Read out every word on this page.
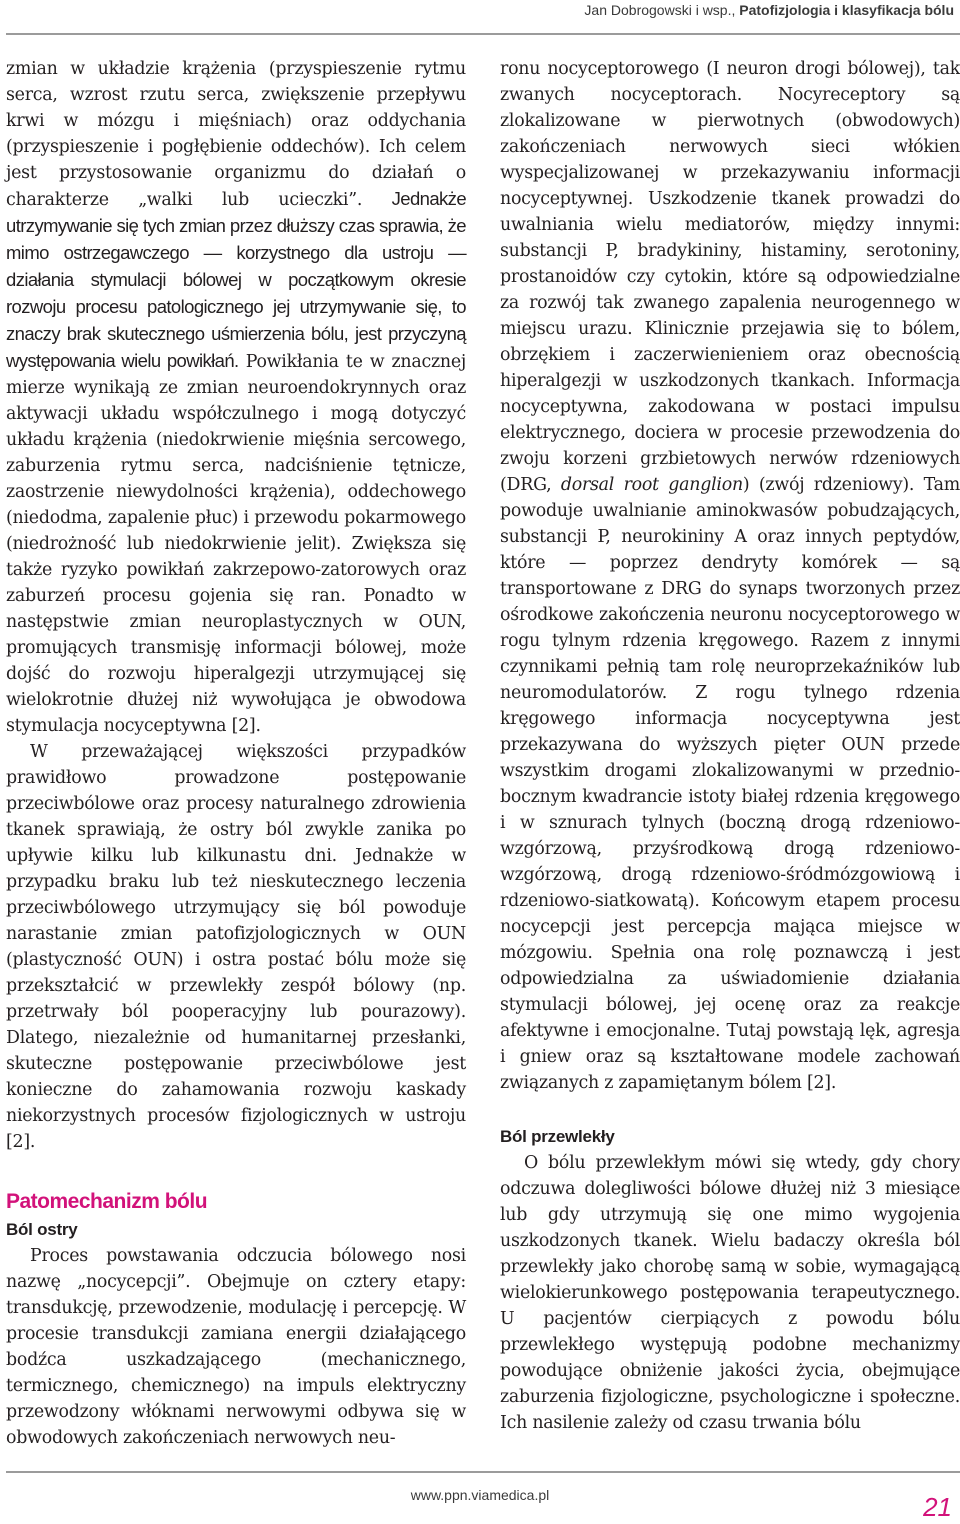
Jan Dobrogowski i wsp., Patofizjologia i klasyfikacja bólu

zmian w układzie krążenia (przyspieszenie rytmu serca, wzrost rzutu serca, zwiększenie przepływu krwi w mózgu i mięśniach) oraz oddychania (przyspieszenie i pogłębienie oddechów). Ich celem jest przystosowanie organizmu do działań o charakterze „walki lub ucieczki”. Jednakże utrzymywanie się tych zmian przez dłuższy czas sprawia, że mimo ostrzegawczego — korzystnego dla ustroju — działania stymulacji bólowej w początkowym okresie rozwoju procesu patologicznego jej utrzymywanie się, to znaczy brak skutecznego uśmierzenia bólu, jest przyczyną występowania wielu powikłań. Powikłania te w znacznej mierze wynikają ze zmian neuroendokrynnych oraz aktywacji układu współczulnego i mogą dotyczyć układu krążenia (niedokrwienie mięśnia sercowego, zaburzenia rytmu serca, nadciśnienie tętnicze, zaostrzenie niewydolności krążenia), oddechowego (niedodma, zapalenie płuc) i przewodu pokarmowego (niedrożność lub niedokrwienie jelit). Zwiększa się także ryzyko powikłań zakrzepowo-zatorowych oraz zaburzeń procesu gojenia się ran. Ponadto w następstwie zmian neuroplastycznych w OUN, promujących transmisję informacji bólowej, może dojść do rozwoju hiperalgezji utrzymującej się wielokrotnie dłużej niż wywołująca je obwodowa stymulacja nocyceptywna [2].

W przeważającej większości przypadków prawidłowo prowadzone postępowanie przeciwbólowe oraz procesy naturalnego zdrowienia tkanek sprawiają, że ostry ból zwykle zanika po upływie kilku lub kilkunastu dni. Jednakże w przypadku braku lub też nieskutecznego leczenia przeciwbólowego utrzymujący się ból powoduje narastanie zmian patofizjologicznych w OUN (plastyczność OUN) i ostra postać bólu może się przekształcić w przewlekły zespół bólowy (np. przetrwały ból pooperacyjny lub pourazowy). Dlatego, niezależnie od humanitarnej przesłanki, skuteczne postępowanie przeciwbólowe jest konieczne do zahamowania rozwoju kaskady niekorzystnych procesów fizjologicznych w ustroju [2].

Patomechanizm bólu
Ból ostry

Proces powstawania odczucia bólowego nosi nazwę „nocycepcji”. Obejmuje on cztery etapy: transdukcję, przewodzenie, modulację i percepcję. W procesie transdukcji zamiana energii działającego bodźca uszkadzającego (mechanicznego, termicznego, chemicznego) na impuls elektryczny przewodzony włóknami nerwowymi odbywa się w obwodowych zakończeniach nerwowych neu-

ronu nocyceptorowego (I neuron drogi bólowej), tak zwanych nocyceptorach. Nocyreceptory są zlokalizowane w pierwotnych (obwodowych) zakończeniach nerwowych sieci włókien wyspecjalizowanej w przekazywaniu informacji nocyceptywnej. Uszkodzenie tkanek prowadzi do uwalniania wielu mediatorów, między innymi: substancji P, bradykininy, histaminy, serotoniny, prostanoidów czy cytokin, które są odpowiedzialne za rozwój tak zwanego zapalenia neurogennego w miejscu urazu. Klinicznie przejawia się to bólem, obrzękiem i zaczerwienieniem oraz obecnością hiperalgezji w uszkodzonych tkankach. Informacja nocyceptywna, zakodowana w postaci impulsu elektrycznego, dociera w procesie przewodzenia do zwoju korzeni grzbietowych nerwów rdzeniowych (DRG, dorsal root ganglion) (zwój rdzeniowy). Tam powoduje uwalnianie aminokwasów pobudzających, substancji P, neurokininy A oraz innych peptydów, które — poprzez dendryty komórek — są transportowane z DRG do synaps tworzonych przez ośrodkowe zakończenia neuronu nocyceptorowego w rogu tylnym rdzenia kręgowego. Razem z innymi czynnikami pełnią tam rolę neuroprzekaźników lub neuromodulatorów. Z rogu tylnego rdzenia kręgowego informacja nocyceptywna jest przekazywana do wyższych pięter OUN przede wszystkim drogami zlokalizowanymi w przednio-bocznym kwadrancie istoty białej rdzenia kręgowego i w sznurach tylnych (boczną drogą rdzeniowo-wzgórzową, przyśrodkową drogą rdzeniowo-wzgórzową, drogą rdzeniowo-śródmózgowiową i rdzeniowo-siatkowatą). Końcowym etapem procesu nocycepcji jest percepcja mająca miejsce w mózgowiu. Spełnia ona rolę poznawczą i jest odpowiedzialna za uświadomienie działania stymulacji bólowej, jej ocenę oraz za reakcje afektywne i emocjonalne. Tutaj powstają lęk, agresja i gniew oraz są kształtowane modele zachowań związanych z zapamiętanym bólem [2].

Ból przewlekły

O bólu przewlekłym mówi się wtedy, gdy chory odczuwa dolegliwości bólowe dłużej niż 3 miesiące lub gdy utrzymują się one mimo wygojenia uszkodzonych tkanek. Wielu badaczy określa ból przewlekły jako chorobę samą w sobie, wymagającą wielokierunkowego postępowania terapeutycznego. U pacjentów cierpiących z powodu bólu przewlekłego występują podobne mechanizmy powodujące obniżenie jakości życia, obejmujące zaburzenia fizjologiczne, psychologiczne i społeczne. Ich nasilenie zależy od czasu trwania bólu

www.ppn.viamedica.pl	21
